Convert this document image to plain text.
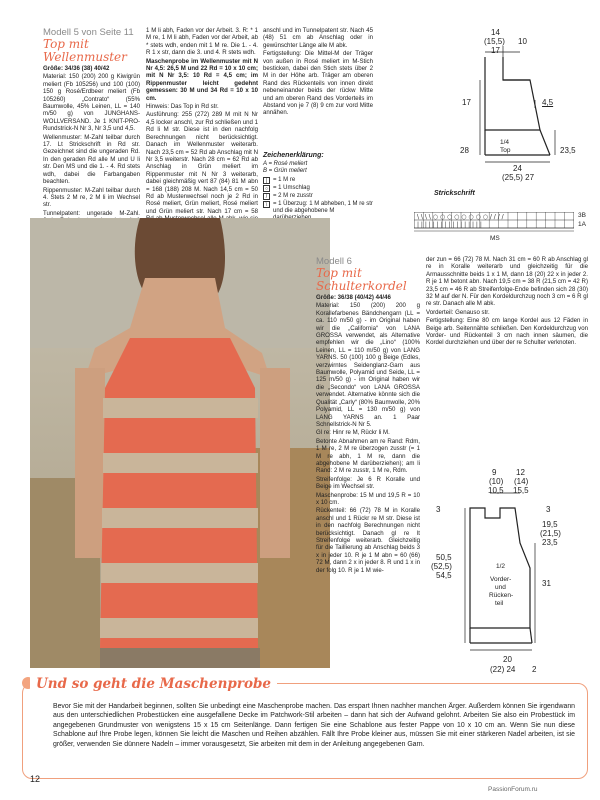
Modell 5 von Seite 11
Top mit
Wellenmuster

Größe: 34/36 (38) 40/42

Material: 150 (200) 200 g Kiwigrün meliert (Fb 105256) und 100 (100) 150 g Rosé/Erdbeer meliert (Fb 105260) „Contrato“ (55% Baumwolle, 45% Leinen, LL = 140 m/50 g) von JUNGHANS-WOLLVERSAND. Je 1 KNIT-PRO-Rundstrick-N Nr 3, Nr 3,5 und 4,5.

Wellenmuster: M-Zahl teilbar durch 17. Lt Strickschrift in Rd str. Gezeichnet sind die ungeraden Rd. In den geraden Rd alle M und U li str. Den MS und die 1. - 4. Rd stets wdh, dabei die Farbangaben beachten.

Rippenmuster: M-Zahl teilbar durch 4. Stets 2 M re, 2 M li im Wechsel str.

Tunnelpatent: ungerade M-Zahl.

1 M li abh, Faden vor der Arbeit. 3. R: * 1 M re, 1 M li abh, Faden vor der Arbeit, ab * stets wdh, enden mit 1 M re. Die 1. - 4. R 1 x str, dann die 3. und 4. R stets wdh.

Maschenprobe im Wellenmuster mit N Nr 4,5: 26,5 M und 22 Rd = 10 x 10 cm; mit N Nr 3,5: 10 Rd = 4,5 cm; im Rippenmuster leicht gedehnt gemessen: 30 M und 34 Rd = 10 x 10 cm.

Hinweis: Das Top in Rd str.

Ausführung: 255 (272) 289 M mit N Nr 4,5 locker anschl, zur Rd schließen und 1 Rd li M str. Diese ist in den nachfolg Berechnungen nicht berücksichtigt. Danach im Wellenmuster weiterarb. Nach 23,5 cm = 52 Rd ab Anschlag mit N Nr 3,5 weiterstr. Nach 28 cm = 62 Rd ab Anschlag in Grün meliert im Rippenmuster mit N Nr 3 weiterarb, dabei gleichmäßig vert 87 (84) 81 M abn = 168 (188) 208 M. Nach 14,5 cm = 50 Rd ab Musterwechsel noch je 2 Rd in Rosé meliert, Grün meliert, Rosé meliert und Grün meliert str. Nach 17 cm = 58

anschl und im Tunnelpatent str. Nach 45 (48) 51 cm ab Anschlag oder in gewünschter Länge alle M abk.

Fertigstellung: Die Mittel-M der Träger von außen in Rosé meliert im M-Stich besticken, dabei den Stich stets über 2 M in der Höhe arb. Träger am oberen Rand des Rückenteils von innen direkt nebeneinander beids der rückw Mitte und am oberen Rand des Vorderteils im Abstand von je 7 (8) 9 cm zur vord Mitte annähen.

Zeichenerklärung:
A = Rosé meliert
B = Grün meliert
| = 1 M re
○ = 1 Umschlag
/ = 2 M re zusstr
\ = 1 Überzug: 1 M abheben, 1 M re str und die abgehobene M
14
(15,5) 10
17
17	4,5
28
1/4
Top	23,5
24
(25,5) 27
Strickschrift
\ \ \ \ ○ ○ ○ ○ ○ ○ ○ ○ / / / /
| | | | | | | | | | | | | | | | |
3B
1A
MS
Modell 6
Top mit
Schulterkordel

Größe: 36/38 (40/42) 44/46

Material: 150 (200) 200 g Korallefarbenes Bändchengarn (LL = ca. 110 m/50 g) - im Original haben wir die „California“ von LANA GROSSA verwendet, als Alternative empfehlen wir die „Lino“ (100% Leinen, LL = 110 m/50 g) von LANG YARNS. 50 (100) 100 g Beige (Edles, verzwirntes Seidenglanz-Garn aus Baumwolle, Polyamid und Seide, LL = 125 m/50 g) - im Original haben wir die „Secondo“ von LANA GROSSA verwendet. Alternative könnte sich die Qualität „Carly“ (80% Baumwolle, 20% Polyamid, LL = 130 m/50 g) von LANG YARNS an. 1 Paar Schnellstrick-N Nr 5.

Gl re: Hinr re M, Rückr li M.

Betonte Abnahmen am re Rand: Rdm, 1 M re, 2 M re überzogen zusstr (= 1 M re abh, 1 M re, dann die abgehobene M darüberziehen); am li Rand: 2 M re zusstr, 1 M re, Rdm.

Streifenfolge: Je 6 R Koralle und Beige im Wechsel str.

Maschenprobe: 15 M und 19,5 R = 10 x 10 cm.

Rückenteil: 66 (72) 78 M in Koralle anschl und 1 Rückr re M str. Diese ist in den nachfolg Berechnungen nicht berücksichtigt. Danach gl re lt Streifenfolge weiterarb. Gleichzeitig für die Taillierung ab Anschlag beids 3 x in jeder 10. R je 1 M abn = 60 (66) 72 M, dann 2 x in jeder 8. R und 1 x in der folg 10. R je 1 M wie-

der zun = 66 (72) 78 M. Nach 31 cm = 60 R ab Anschlag gl re in Koralle weiterarb und gleichzeitig für die Armausschnitte beids 1 x 1 M, dann 18 (20) 22 x in jeder 2. R je 1 M betont abn. Nach 19,5 cm = 38 R (21,5 cm = 42 R) 23,5 cm = 46 R ab Streifenfolge-Ende befinden sich 28 (30) 32 M auf der N. Für den Kordeldurchzug noch 3 cm = 6 R gl re str. Danach alle M abk.

Vorderteil: Genauso str.

Fertigstellung: Eine 80 cm lange Kordel aus 12 Fäden in Beige arb. Seitennähte schließen. Den Kordeldurchzug von Vorder- und Rückenteil 3 cm nach innen säumen, die Kordel durchziehen und über der re Schulter verknoten.

9 12
(10) (14)
10,5 15,5
3	3
19,5
(21,5)
23,5
50,5
(52,5)
54,5
1/2
Vorder-
und
Rücken-
teil
31
20
(22) 24 2
Bevor Sie mit der Handarbeit beginnen, sollten Sie unbedingt eine Maschenprobe machen. Das erspart Ihnen nachher manchen Ärger. Außerdem können Sie irgendwann aus den unterschiedlichen Probestücken eine ausgefallene Decke im Patchwork-Stil arbeiten – dann hat sich der Aufwand gelohnt. Arbeiten Sie also ein Probestück im angegebenen Grundmuster von wenigstens 15 x 15 cm Seitenlänge. Dann fertigen Sie eine Schablone aus fester Pappe von 10 x 10 cm an. Wenn Sie nun diese Schablone auf Ihre Probe legen, können Sie leicht die Maschen und Reihen abzählen. Fällt Ihre Probe kleiner aus, müssen Sie mit einer stärkeren Nadel arbeiten, ist sie größer, verwenden Sie dünnere Nadeln – immer vorausgesetzt, Sie arbeiten mit dem in der Anleitung angegebenen Garn.
Und so geht die Maschenprobe
12
PassionForum.ru
